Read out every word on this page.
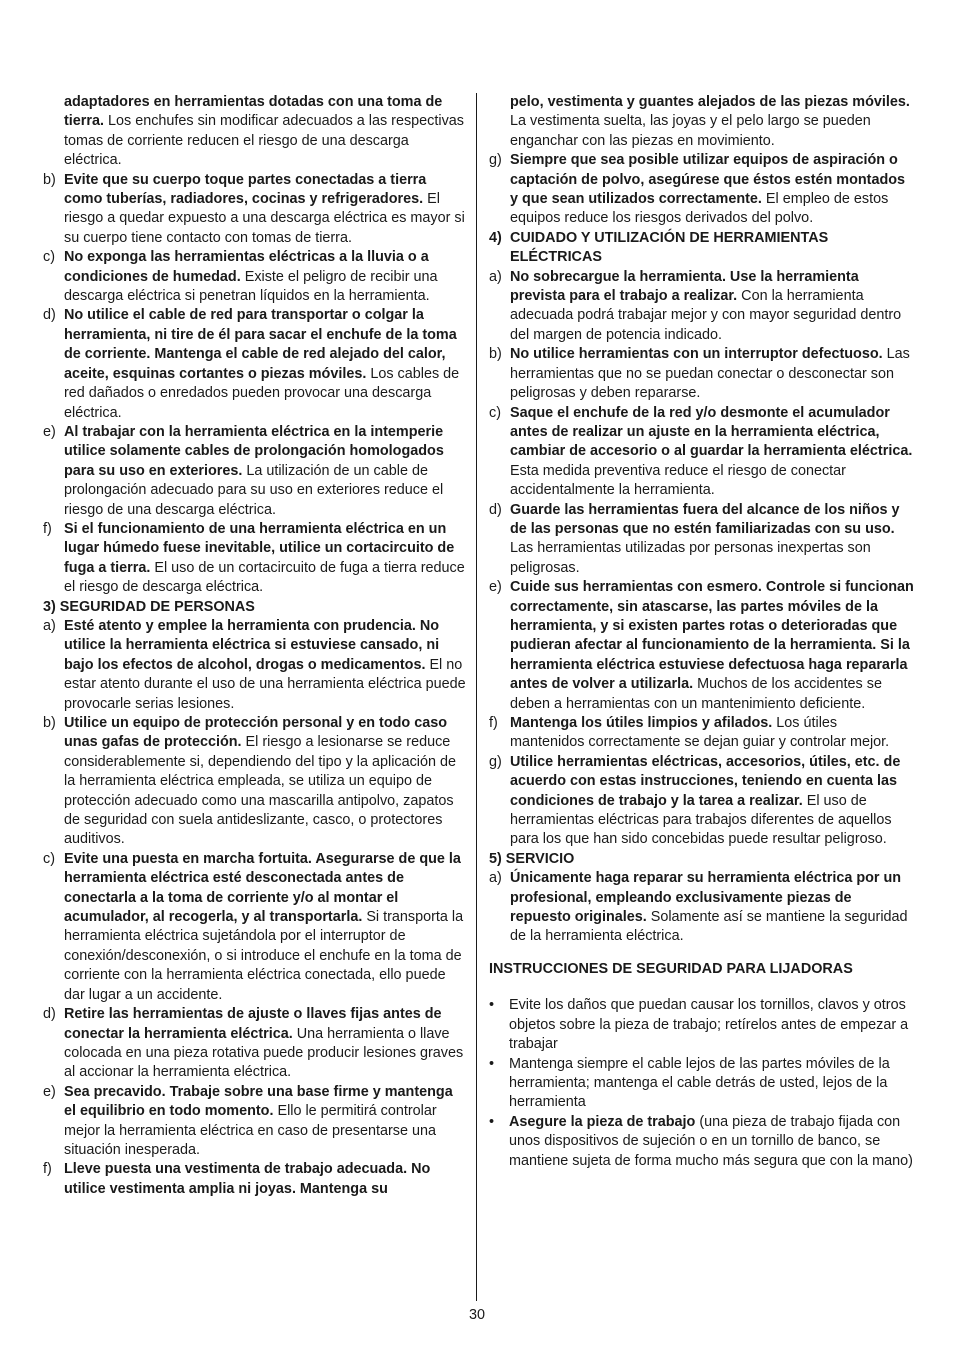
adaptadores en herramientas dotadas con una toma de tierra. Los enchufes sin modificar adecuados a las respectivas tomas de corriente reducen el riesgo de una descarga eléctrica.
b) Evite que su cuerpo toque partes conectadas a tierra como tuberías, radiadores, cocinas y refrigeradores. El riesgo a quedar expuesto a una descarga eléctrica es mayor si su cuerpo tiene contacto con tomas de tierra.
c) No exponga las herramientas eléctricas a la lluvia o a condiciones de humedad. Existe el peligro de recibir una descarga eléctrica si penetran líquidos en la herramienta.
d) No utilice el cable de red para transportar o colgar la herramienta, ni tire de él para sacar el enchufe de la toma de corriente. Mantenga el cable de red alejado del calor, aceite, esquinas cortantes o piezas móviles. Los cables de red dañados o enredados pueden provocar una descarga eléctrica.
e) Al trabajar con la herramienta eléctrica en la intemperie utilice solamente cables de prolongación homologados para su uso en exteriores. La utilización de un cable de prolongación adecuado para su uso en exteriores reduce el riesgo de una descarga eléctrica.
f) Si el funcionamiento de una herramienta eléctrica en un lugar húmedo fuese inevitable, utilice un cortacircuito de fuga a tierra. El uso de un cortacircuito de fuga a tierra reduce el riesgo de descarga eléctrica.
3) SEGURIDAD DE PERSONAS
a) Esté atento y emplee la herramienta con prudencia. No utilice la herramienta eléctrica si estuviese cansado, ni bajo los efectos de alcohol, drogas o medicamentos. El no estar atento durante el uso de una herramienta eléctrica puede provocarle serias lesiones.
b) Utilice un equipo de protección personal y en todo caso unas gafas de protección. El riesgo a lesionarse se reduce considerablemente si, dependiendo del tipo y la aplicación de la herramienta eléctrica empleada, se utiliza un equipo de protección adecuado como una mascarilla antipolvo, zapatos de seguridad con suela antideslizante, casco, o protectores auditivos.
c) Evite una puesta en marcha fortuita. Asegurarse de que la herramienta eléctrica esté desconectada antes de conectarla a la toma de corriente y/o al montar el acumulador, al recogerla, y al transportarla. Si transporta la herramienta eléctrica sujetándola por el interruptor de conexión/desconexión, o si introduce el enchufe en la toma de corriente con la herramienta eléctrica conectada, ello puede dar lugar a un accidente.
d) Retire las herramientas de ajuste o llaves fijas antes de conectar la herramienta eléctrica. Una herramienta o llave colocada en una pieza rotativa puede producir lesiones graves al accionar la herramienta eléctrica.
e) Sea precavido. Trabaje sobre una base firme y mantenga el equilibrio en todo momento. Ello le permitirá controlar mejor la herramienta eléctrica en caso de presentarse una situación inesperada.
f) Lleve puesta una vestimenta de trabajo adecuada. No utilice vestimenta amplia ni joyas. Mantenga su
pelo, vestimenta y guantes alejados de las piezas móviles. La vestimenta suelta, las joyas y el pelo largo se pueden enganchar con las piezas en movimiento.
g) Siempre que sea posible utilizar equipos de aspiración o captación de polvo, asegúrese que éstos estén montados y que sean utilizados correctamente. El empleo de estos equipos reduce los riesgos derivados del polvo.
4) CUIDADO Y UTILIZACIÓN DE HERRAMIENTAS ELÉCTRICAS
a) No sobrecargue la herramienta. Use la herramienta prevista para el trabajo a realizar. Con la herramienta adecuada podrá trabajar mejor y con mayor seguridad dentro del margen de potencia indicado.
b) No utilice herramientas con un interruptor defectuoso. Las herramientas que no se puedan conectar o desconectar son peligrosas y deben repararse.
c) Saque el enchufe de la red y/o desmonte el acumulador antes de realizar un ajuste en la herramienta eléctrica, cambiar de accesorio o al guardar la herramienta eléctrica. Esta medida preventiva reduce el riesgo de conectar accidentalmente la herramienta.
d) Guarde las herramientas fuera del alcance de los niños y de las personas que no estén familiarizadas con su uso. Las herramientas utilizadas por personas inexpertas son peligrosas.
e) Cuide sus herramientas con esmero. Controle si funcionan correctamente, sin atascarse, las partes móviles de la herramienta, y si existen partes rotas o deterioradas que pudieran afectar al funcionamiento de la herramienta. Si la herramienta eléctrica estuviese defectuosa haga repararla antes de volver a utilizarla. Muchos de los accidentes se deben a herramientas con un mantenimiento deficiente.
f) Mantenga los útiles limpios y afilados. Los útiles mantenidos correctamente se dejan guiar y controlar mejor.
g) Utilice herramientas eléctricas, accesorios, útiles, etc. de acuerdo con estas instrucciones, teniendo en cuenta las condiciones de trabajo y la tarea a realizar. El uso de herramientas eléctricas para trabajos diferentes de aquellos para los que han sido concebidas puede resultar peligroso.
5) SERVICIO
a) Únicamente haga reparar su herramienta eléctrica por un profesional, empleando exclusivamente piezas de repuesto originales. Solamente así se mantiene la seguridad de la herramienta eléctrica.
INSTRUCCIONES DE SEGURIDAD PARA LIJADORAS
•	Evite los daños que puedan causar los tornillos, clavos y otros objetos sobre la pieza de trabajo; retírelos antes de empezar a trabajar
•	Mantenga siempre el cable lejos de las partes móviles de la herramienta; mantenga el cable detrás de usted, lejos de la herramienta
•	Asegure la pieza de trabajo (una pieza de trabajo fijada con unos dispositivos de sujeción o en un tornillo de banco, se mantiene sujeta de forma mucho más segura que con la mano)
30
